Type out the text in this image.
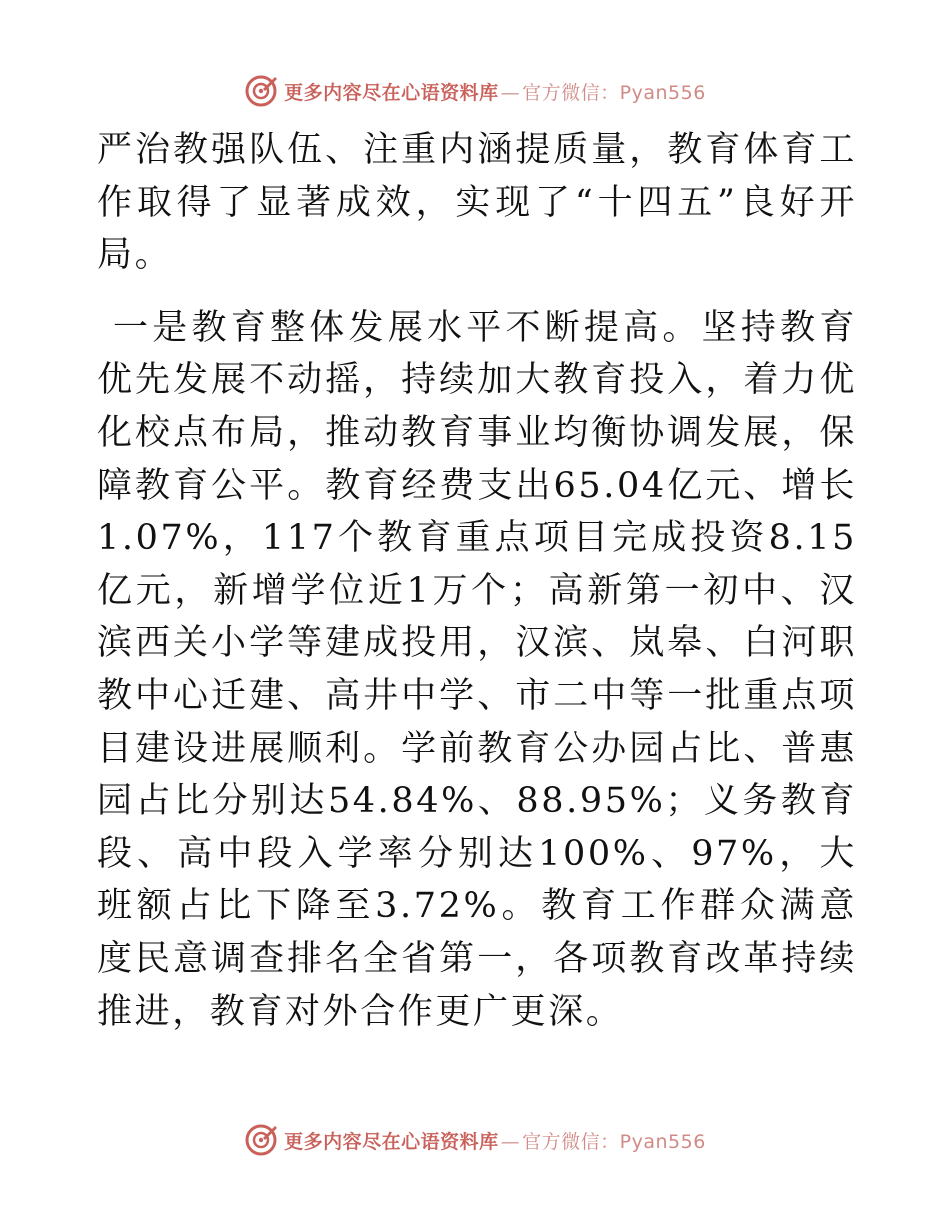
更多内容尽在心语资料库 — 官方微信：Pyan556

严治教强队伍、注重内涵提质量，教育体育工作取得了显著成效，实现了“十四五”良好开局。

一是教育整体发展水平不断提高。坚持教育优先发展不动摇，持续加大教育投入，着力优化校点布局，推动教育事业均衡协调发展，保障教育公平。教育经费支出65.04亿元、增长1.07%，117个教育重点项目完成投资8.15亿元，新增学位近1万个；高新第一初中、汉滨西关小学等建成投用，汉滨、岚皋、白河职教中心迁建、高井中学、市二中等一批重点项目建设进展顺利。学前教育公办园占比、普惠园占比分别达54.84%、88.95%；义务教育段、高中段入学率分别达100%、97%，大班额占比下降至3.72%。教育工作群众满意度民意调查排名全省第一，各项教育改革持续推进，教育对外合作更广更深。

更多内容尽在心语资料库 — 官方微信：Pyan556
